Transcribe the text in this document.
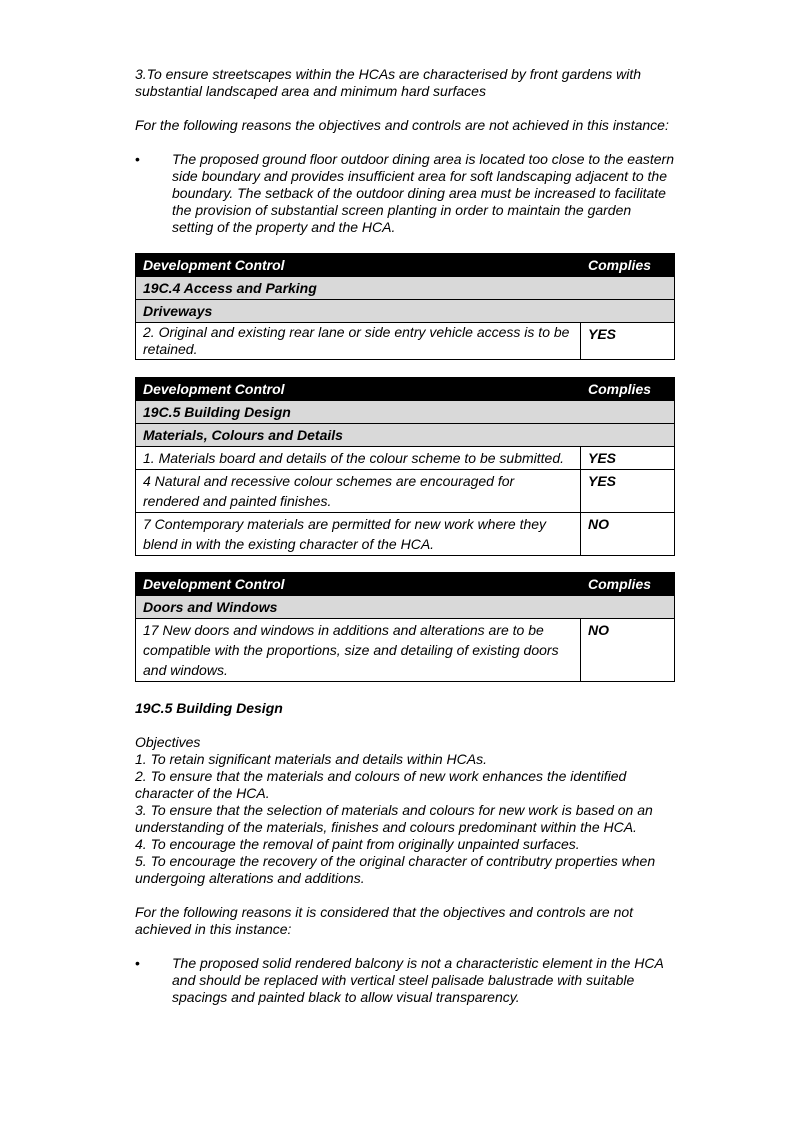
3.To ensure streetscapes within the HCAs are characterised by front gardens with substantial landscaped area and minimum hard surfaces

For the following reasons the objectives and controls are not achieved in this instance:

• The proposed ground floor outdoor dining area is located too close to the eastern side boundary and provides insufficient area for soft landscaping adjacent to the boundary. The setback of the outdoor dining area must be increased to facilitate the provision of substantial screen planting in order to maintain the garden setting of the property and the HCA.
Development Control	Complies
19C.4 Access and Parking	
Driveways	
2. Original and existing rear lane or side entry vehicle access is to be retained.	YES
Development Control	Complies
19C.5 Building Design	
Materials, Colours and Details	
1. Materials board and details of the colour scheme to be submitted.	YES
4 Natural and recessive colour schemes are encouraged for rendered and painted finishes.	YES
7 Contemporary materials are permitted for new work where they blend in with the existing character of the HCA.	NO
Development Control	Complies
Doors and Windows	
17 New doors and windows in additions and alterations are to be compatible with the proportions, size and detailing of existing doors and windows.	NO

19C.5 Building Design

Objectives

1. To retain significant materials and details within HCAs.

2. To ensure that the materials and colours of new work enhances the identified character of the HCA.

3. To ensure that the selection of materials and colours for new work is based on an understanding of the materials, finishes and colours predominant within the HCA.

4. To encourage the removal of paint from originally unpainted surfaces.

5. To encourage the recovery of the original character of contributry properties when undergoing alterations and additions.

For the following reasons it is considered that the objectives and controls are not achieved in this instance:

• The proposed solid rendered balcony is not a characteristic element in the HCA and should be replaced with vertical steel palisade balustrade with suitable spacings and painted black to allow visual transparency.
